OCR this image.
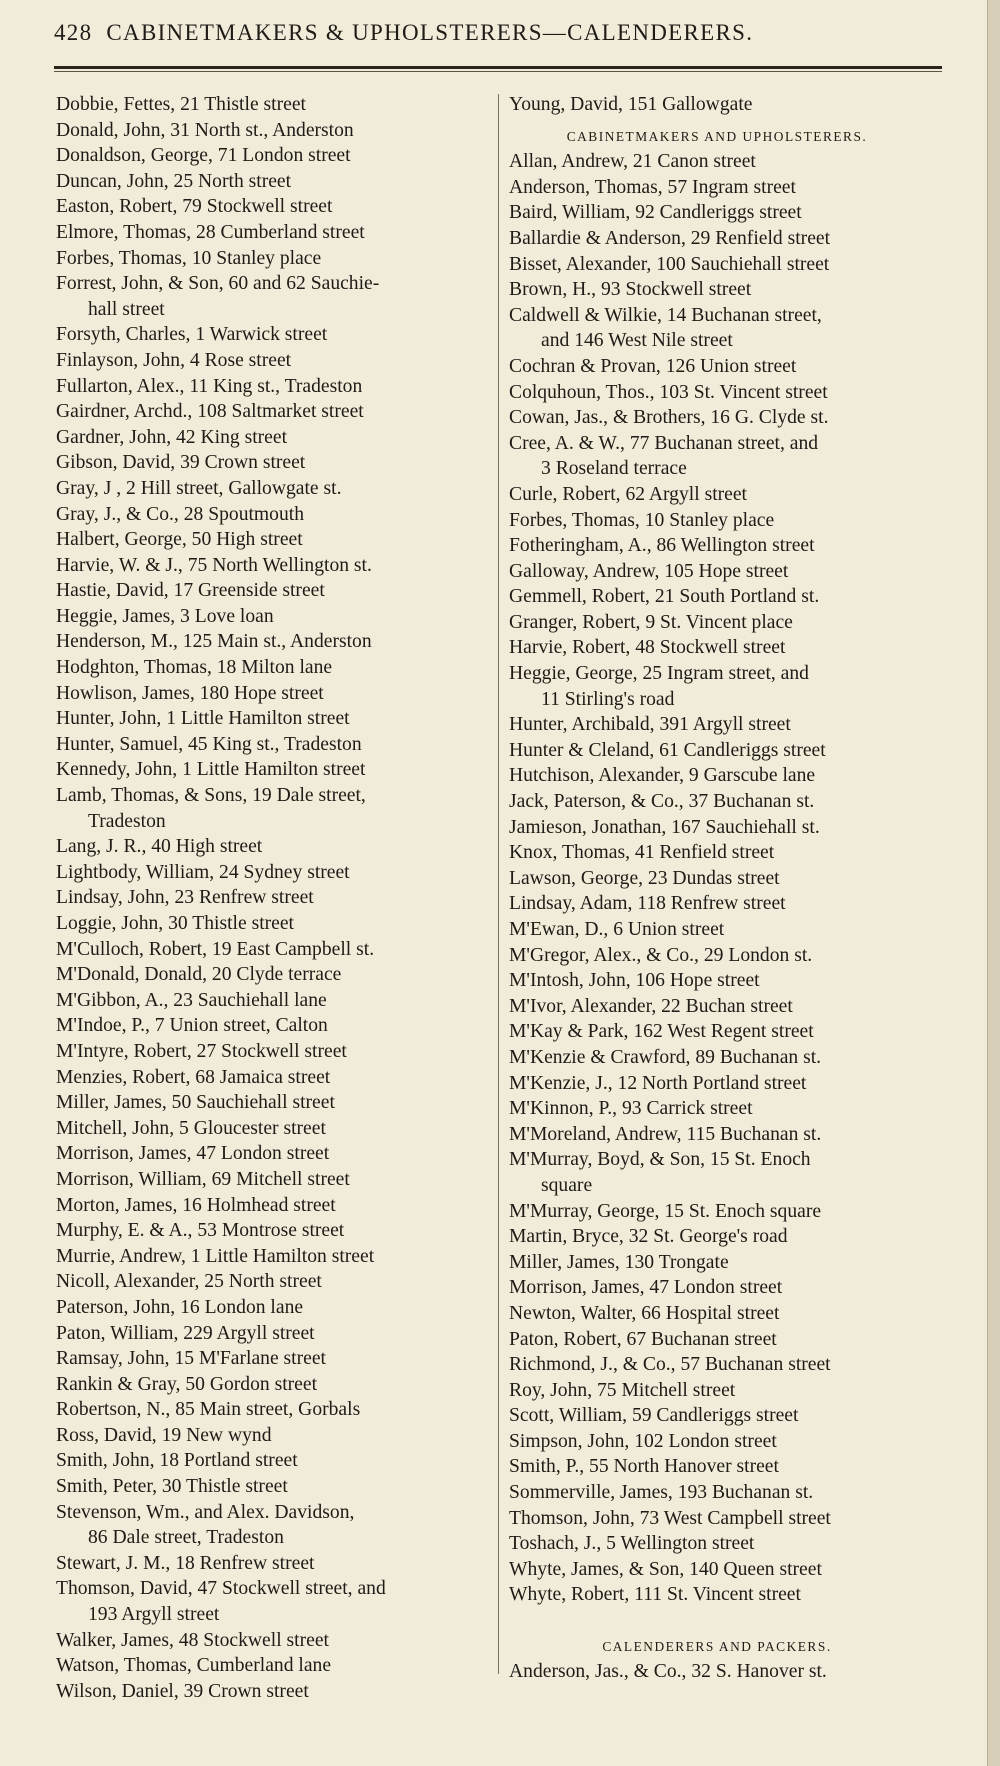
428 CABINETMAKERS & UPHOLSTERERS—CALENDERERS.
Dobbie, Fettes, 21 Thistle street
Donald, John, 31 North st., Anderston
Donaldson, George, 71 London street
Duncan, John, 25 North street
Easton, Robert, 79 Stockwell street
Elmore, Thomas, 28 Cumberland street
Forbes, Thomas, 10 Stanley place
Forrest, John, & Son, 60 and 62 Sauchie-
hall street
Forsyth, Charles, 1 Warwick street
Finlayson, John, 4 Rose street
Fullarton, Alex., 11 King st., Tradeston
Gairdner, Archd., 108 Saltmarket street
Gardner, John, 42 King street
Gibson, David, 39 Crown street
Gray, J , 2 Hill street, Gallowgate st.
Gray, J., & Co., 28 Spoutmouth
Halbert, George, 50 High street
Harvie, W. & J., 75 North Wellington st.
Hastie, David, 17 Greenside street
Heggie, James, 3 Love loan
Henderson, M., 125 Main st., Anderston
Hodghton, Thomas, 18 Milton lane
Howlison, James, 180 Hope street
Hunter, John, 1 Little Hamilton street
Hunter, Samuel, 45 King st., Tradeston
Kennedy, John, 1 Little Hamilton street
Lamb, Thomas, & Sons, 19 Dale street,
Tradeston
Lang, J. R., 40 High street
Lightbody, William, 24 Sydney street
Lindsay, John, 23 Renfrew street
Loggie, John, 30 Thistle street
M'Culloch, Robert, 19 East Campbell st.
M'Donald, Donald, 20 Clyde terrace
M'Gibbon, A., 23 Sauchiehall lane
M'Indoe, P., 7 Union street, Calton
M'Intyre, Robert, 27 Stockwell street
Menzies, Robert, 68 Jamaica street
Miller, James, 50 Sauchiehall street
Mitchell, John, 5 Gloucester street
Morrison, James, 47 London street
Morrison, William, 69 Mitchell street
Morton, James, 16 Holmhead street
Murphy, E. & A., 53 Montrose street
Murrie, Andrew, 1 Little Hamilton street
Nicoll, Alexander, 25 North street
Paterson, John, 16 London lane
Paton, William, 229 Argyll street
Ramsay, John, 15 M'Farlane street
Rankin & Gray, 50 Gordon street
Robertson, N., 85 Main street, Gorbals
Ross, David, 19 New wynd
Smith, John, 18 Portland street
Smith, Peter, 30 Thistle street
Stevenson, Wm., and Alex. Davidson,
86 Dale street, Tradeston
Stewart, J. M., 18 Renfrew street
Thomson, David, 47 Stockwell street, and
193 Argyll street
Walker, James, 48 Stockwell street
Watson, Thomas, Cumberland lane
Wilson, Daniel, 39 Crown street
Young, David, 151 Gallowgate
CABINETMAKERS AND UPHOLSTERERS.
Allan, Andrew, 21 Canon street
Anderson, Thomas, 57 Ingram street
Baird, William, 92 Candleriggs street
Ballardie & Anderson, 29 Renfield street
Bisset, Alexander, 100 Sauchiehall street
Brown, H., 93 Stockwell street
Caldwell & Wilkie, 14 Buchanan street,
and 146 West Nile street
Cochran & Provan, 126 Union street
Colquhoun, Thos., 103 St. Vincent street
Cowan, Jas., & Brothers, 16 G. Clyde st.
Cree, A. & W., 77 Buchanan street, and
3 Roseland terrace
Curle, Robert, 62 Argyll street
Forbes, Thomas, 10 Stanley place
Fotheringham, A., 86 Wellington street
Galloway, Andrew, 105 Hope street
Gemmell, Robert, 21 South Portland st.
Granger, Robert, 9 St. Vincent place
Harvie, Robert, 48 Stockwell street
Heggie, George, 25 Ingram street, and
11 Stirling's road
Hunter, Archibald, 391 Argyll street
Hunter & Cleland, 61 Candleriggs street
Hutchison, Alexander, 9 Garscube lane
Jack, Paterson, & Co., 37 Buchanan st.
Jamieson, Jonathan, 167 Sauchiehall st.
Knox, Thomas, 41 Renfield street
Lawson, George, 23 Dundas street
Lindsay, Adam, 118 Renfrew street
M'Ewan, D., 6 Union street
M'Gregor, Alex., & Co., 29 London st.
M'Intosh, John, 106 Hope street
M'Ivor, Alexander, 22 Buchan street
M'Kay & Park, 162 West Regent street
M'Kenzie & Crawford, 89 Buchanan st.
M'Kenzie, J., 12 North Portland street
M'Kinnon, P., 93 Carrick street
M'Moreland, Andrew, 115 Buchanan st.
M'Murray, Boyd, & Son, 15 St. Enoch
square
M'Murray, George, 15 St. Enoch square
Martin, Bryce, 32 St. George's road
Miller, James, 130 Trongate
Morrison, James, 47 London street
Newton, Walter, 66 Hospital street
Paton, Robert, 67 Buchanan street
Richmond, J., & Co., 57 Buchanan street
Roy, John, 75 Mitchell street
Scott, William, 59 Candleriggs street
Simpson, John, 102 London street
Smith, P., 55 North Hanover street
Sommerville, James, 193 Buchanan st.
Thomson, John, 73 West Campbell street
Toshach, J., 5 Wellington street
Whyte, James, & Son, 140 Queen street
Whyte, Robert, 111 St. Vincent street
CALENDERERS AND PACKERS.
Anderson, Jas., & Co., 32 S. Hanover st.
